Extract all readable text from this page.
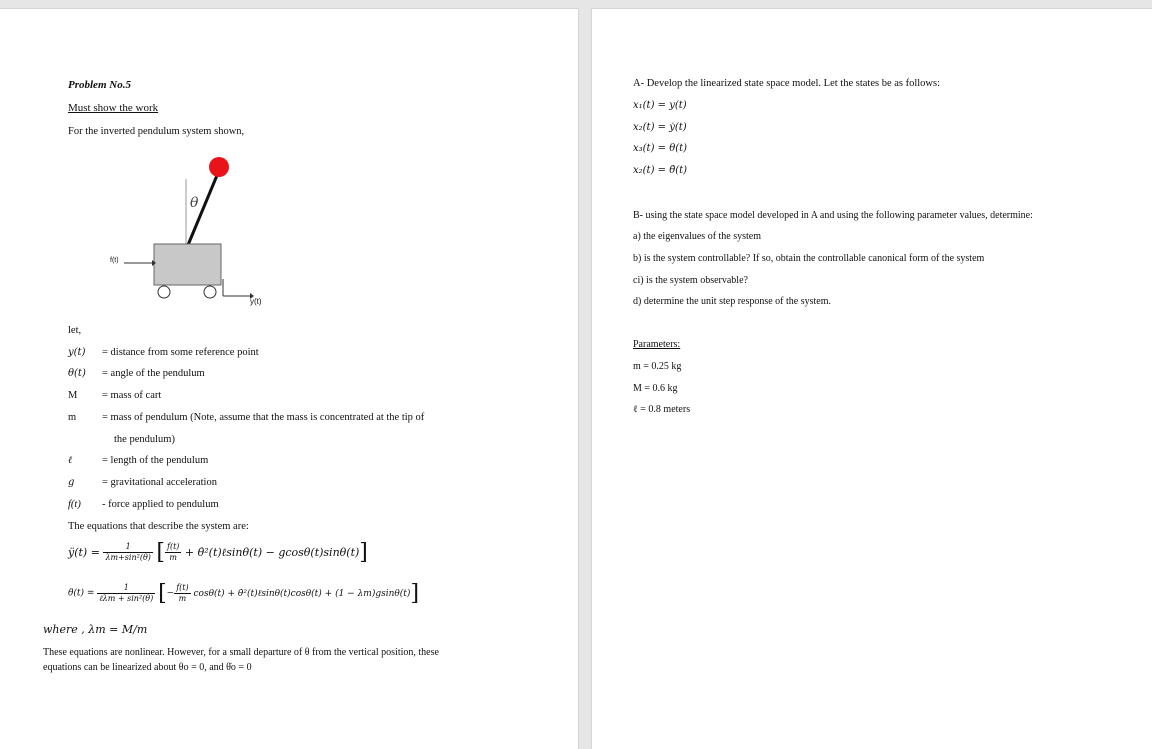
Problem No.5
Must show the work
For the inverted pendulum system shown,
θ
f(t)
y(t)
let,
y(t) = distance from some reference point
θ(t) = angle of the pendulum
M = mass of cart
m = mass of pendulum (Note, assume that the mass is concentrated at the tip of
the pendulum)
ℓ	= length of the pendulum
g	= gravitational acceleration
f(t) - force applied to pendulum
The equations that describe the system are:
ÿ(t) = $\frac{1}{\text{λm+sin²(θ)}}$ [ $\frac{f(t)}{m}$ + θ̇²(t)ℓsinθ(t) − gcosθ(t)sinθ(t)]
θ̈(t) = $\frac{1}{\text{ℓλm + sin²(θ)}}$ [− $\frac{f(t)}{m} \cos\theta(t)$ + θ̇²(t)ℓsinθ(t)cosθ(t) + (1 − λm)gsinθ(t)]
where , λm = M/m
These equations are nonlinear. However, for a small departure of θ from the vertical position, these
equations can be linearized about θo = 0, and θ̇o = 0
A- Develop the linearized state space model. Let the states be as follows:
x₁(t) = y(t)
x₂(t) = ẏ(t)
x₃(t) = θ(t)
x₂(t) = θ̇(t)
B- using the state space model developed in A and using the following parameter values, determine:
a) the eigenvalues of the system
b) is the system controllable? If so, obtain the controllable canonical form of the system
ci) is the system observable?
d) determine the unit step response of the system.
Parameters:
m = 0.25 kg
M = 0.6 kg
ℓ = 0.8 meters
